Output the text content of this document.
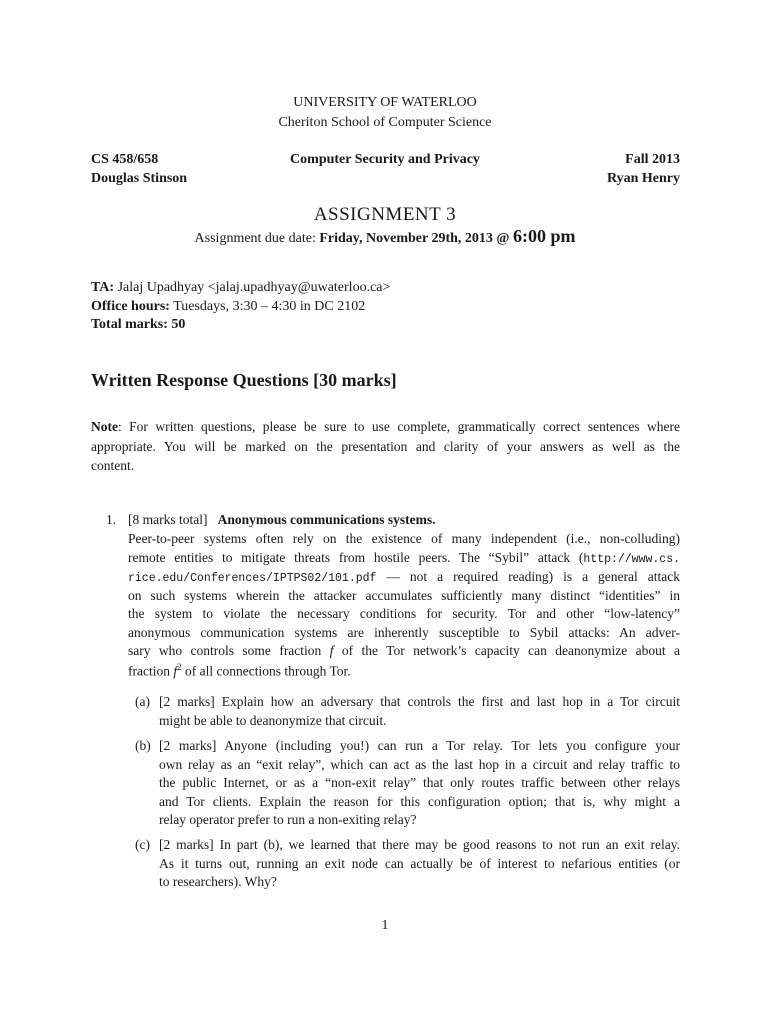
UNIVERSITY OF WATERLOO
Cheriton School of Computer Science
CS 458/658	Computer Security and Privacy	Fall 2013
Douglas Stinson	Ryan Henry
ASSIGNMENT 3
Assignment due date: Friday, November 29th, 2013 @ 6:00 pm
TA: Jalaj Upadhyay <jalaj.upadhyay@uwaterloo.ca>
Office hours: Tuesdays, 3:30 – 4:30 in DC 2102
Total marks: 50
Written Response Questions [30 marks]
Note: For written questions, please be sure to use complete, grammatically correct sentences where
appropriate. You will be marked on the presentation and clarity of your answers as well as the
content.
1. [8 marks total] Anonymous communications systems.
Peer-to-peer systems often rely on the existence of many independent (i.e., non-colluding)
remote entities to mitigate threats from hostile peers. The “Sybil” attack (http://www.cs.
rice.edu/Conferences/IPTPS02/101.pdf — not a required reading) is a general attack
on such systems wherein the attacker accumulates sufficiently many distinct “identities” in
the system to violate the necessary conditions for security. Tor and other “low-latency”
anonymous communication systems are inherently susceptible to Sybil attacks: An adver-
sary who controls some fraction f of the Tor network’s capacity can deanonymize about a
fraction $f^2$ of all connections through Tor.
(a) [2 marks] Explain how an adversary that controls the first and last hop in a Tor circuit
might be able to deanonymize that circuit.
(b) [2 marks] Anyone (including you!) can run a Tor relay. Tor lets you configure your
own relay as an “exit relay”, which can act as the last hop in a circuit and relay traffic to
the public Internet, or as a “non-exit relay” that only routes traffic between other relays
and Tor clients. Explain the reason for this configuration option; that is, why might a
relay operator prefer to run a non-exiting relay?
(c) [2 marks] In part (b), we learned that there may be good reasons to not run an exit relay.
As it turns out, running an exit node can actually be of interest to nefarious entities (or
to researchers). Why?
1
